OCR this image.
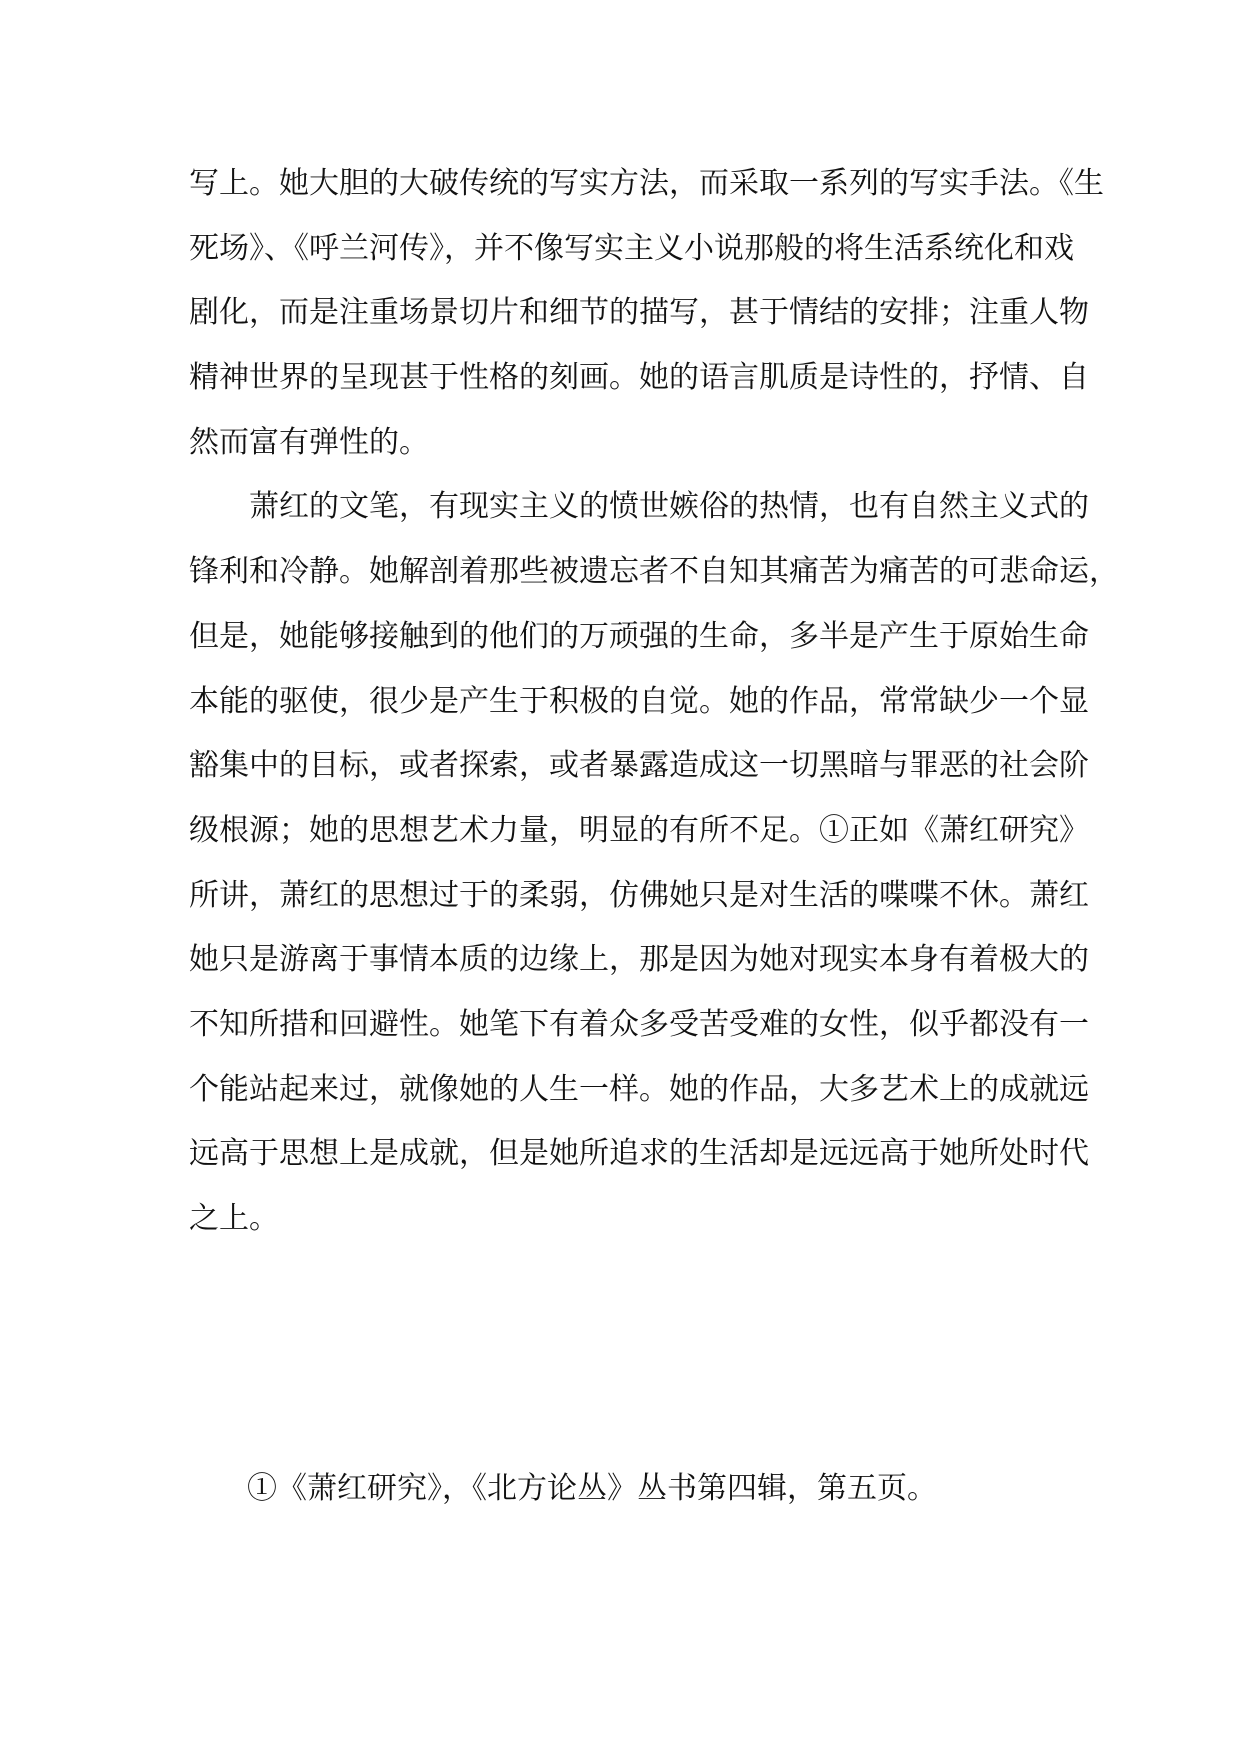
写上。她大胆的大破传统的写实方法，而采取一系列的写实手法。《生
死场》、《呼兰河传》，并不像写实主义小说那般的将生活系统化和戏
剧化，而是注重场景切片和细节的描写，甚于情结的安排；注重人物
精神世界的呈现甚于性格的刻画。她的语言肌质是诗性的，抒情、自
然而富有弹性的。
萧红的文笔，有现实主义的愤世嫉俗的热情，也有自然主义式的
锋利和冷静。她解剖着那些被遗忘者不自知其痛苦为痛苦的可悲命运，
但是，她能够接触到的他们的万顽强的生命，多半是产生于原始生命
本能的驱使，很少是产生于积极的自觉。她的作品，常常缺少一个显
豁集中的目标，或者探索，或者暴露造成这一切黑暗与罪恶的社会阶
级根源；她的思想艺术力量，明显的有所不足。①正如《萧红研究》
所讲，萧红的思想过于的柔弱，仿佛她只是对生活的喋喋不休。萧红
她只是游离于事情本质的边缘上，那是因为她对现实本身有着极大的
不知所措和回避性。她笔下有着众多受苦受难的女性，似乎都没有一
个能站起来过，就像她的人生一样。她的作品，大多艺术上的成就远
远高于思想上是成就，但是她所追求的生活却是远远高于她所处时代
之上。
①《萧红研究》，《北方论丛》丛书第四辑，第五页。
